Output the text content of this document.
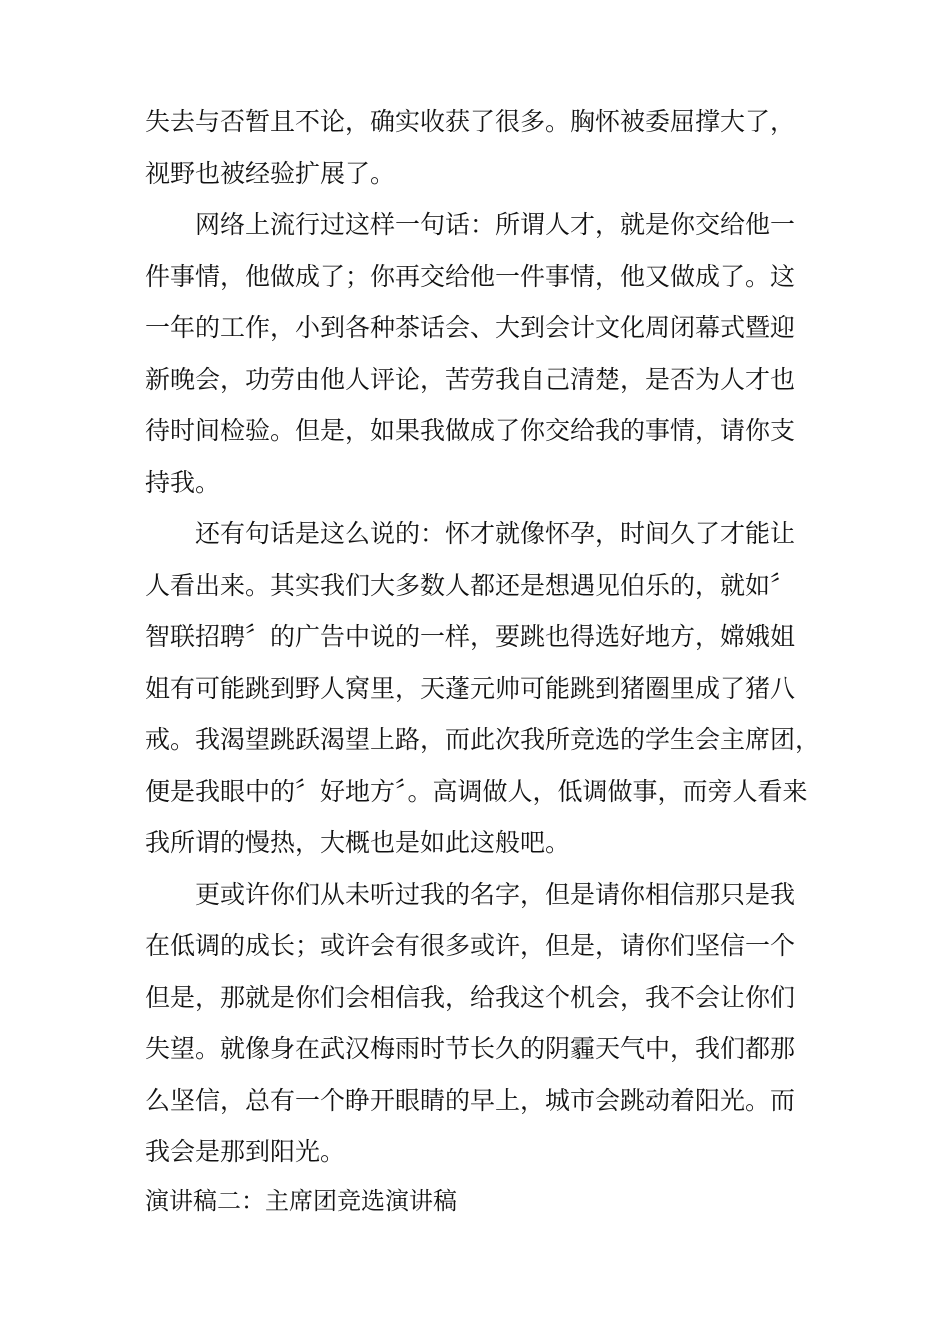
失去与否暂且不论，确实收获了很多。胸怀被委屈撑大了，
视野也被经验扩展了。
网络上流行过这样一句话：所谓人才，就是你交给他一
件事情，他做成了；你再交给他一件事情，他又做成了。这
一年的工作，小到各种茶话会、大到会计文化周闭幕式暨迎
新晚会，功劳由他人评论，苦劳我自己清楚，是否为人才也
待时间检验。但是，如果我做成了你交给我的事情，请你支
持我。
还有句话是这么说的：怀才就像怀孕，时间久了才能让
人看出来。其实我们大多数人都还是想遇见伯乐的，就如〞
智联招聘〞的广告中说的一样，要跳也得选好地方，嫦娥姐
姐有可能跳到野人窝里，天蓬元帅可能跳到猪圈里成了猪八
戒。我渴望跳跃渴望上路，而此次我所竞选的学生会主席团，
便是我眼中的〞好地方〞。高调做人，低调做事，而旁人看来
我所谓的慢热，大概也是如此这般吧。
更或许你们从未听过我的名字，但是请你相信那只是我
在低调的成长；或许会有很多或许，但是，请你们坚信一个
但是，那就是你们会相信我，给我这个机会，我不会让你们
失望。就像身在武汉梅雨时节长久的阴霾天气中，我们都那
么坚信，总有一个睁开眼睛的早上，城市会跳动着阳光。而
我会是那到阳光。
演讲稿二：主席团竞选演讲稿
